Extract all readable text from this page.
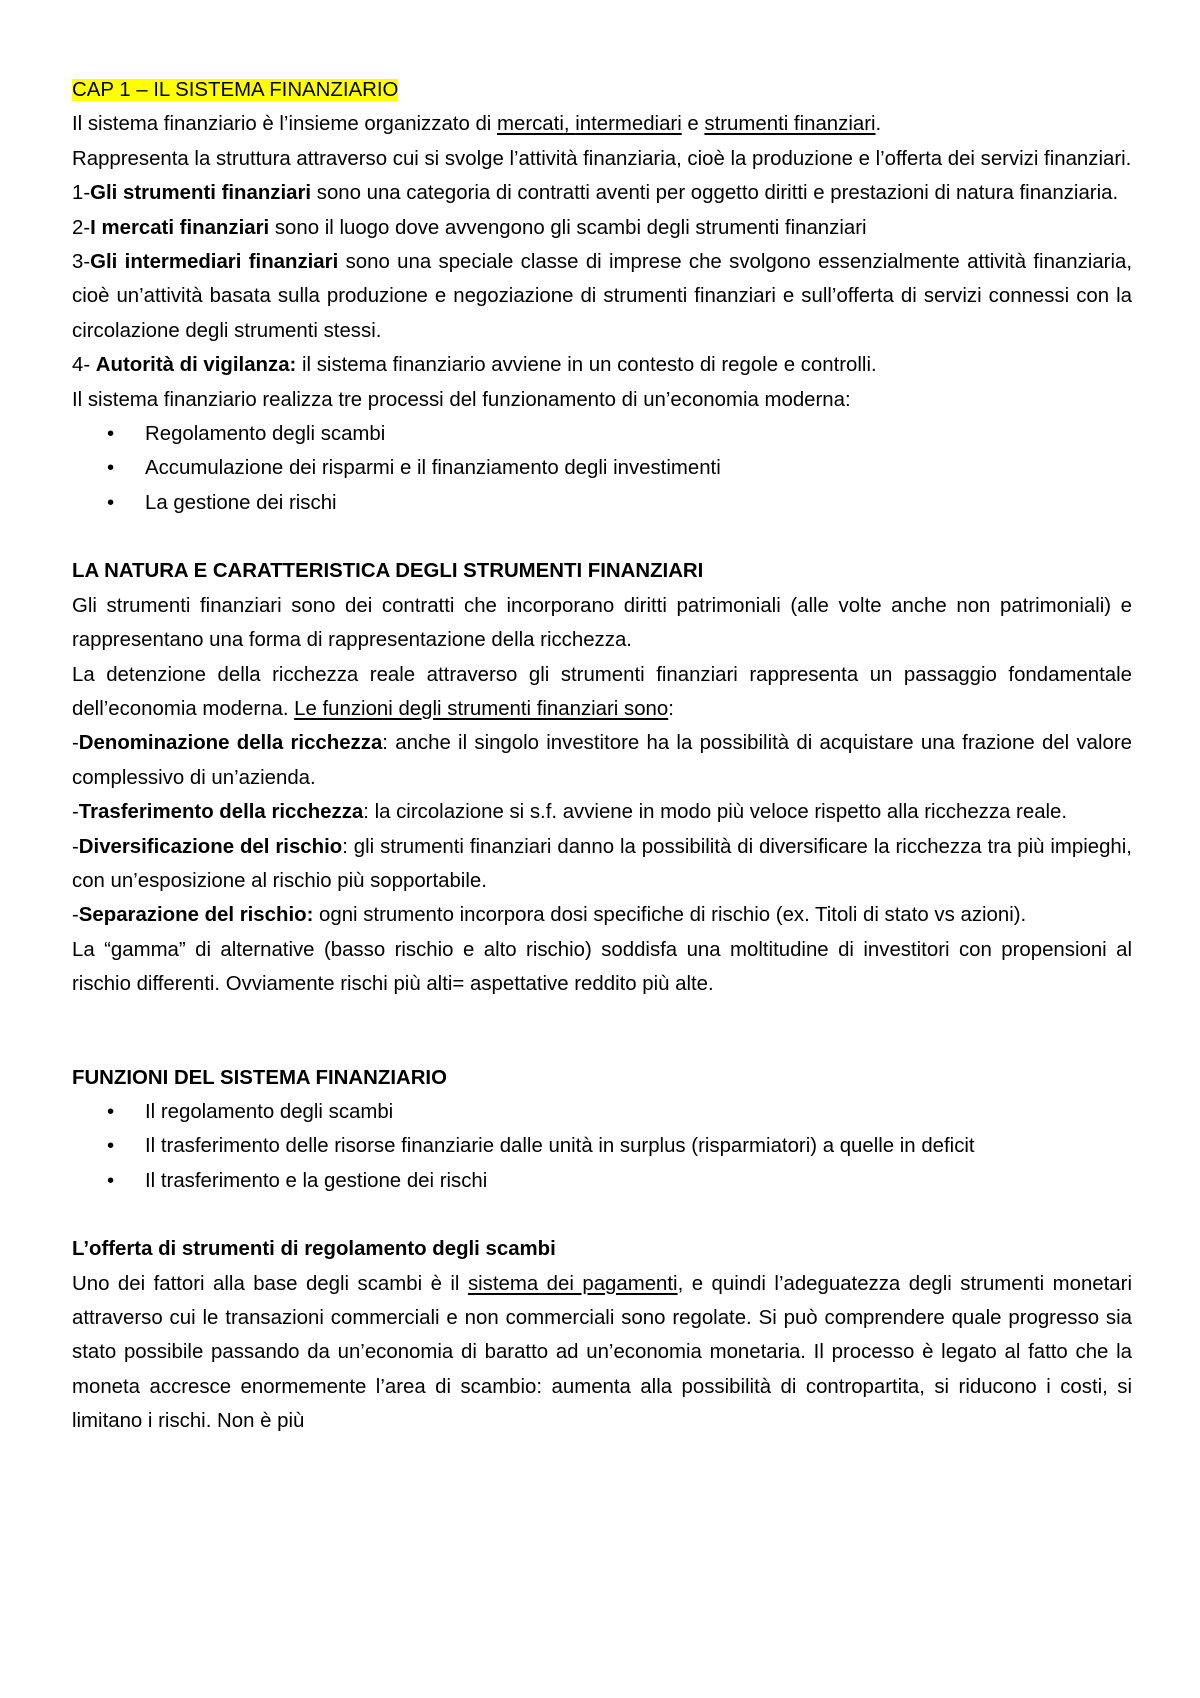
CAP 1 – IL SISTEMA FINANZIARIO

Il sistema finanziario è l’insieme organizzato di mercati, intermediari e strumenti finanziari.

Rappresenta la struttura attraverso cui si svolge l’attività finanziaria, cioè la produzione e l’offerta dei servizi finanziari.

1-Gli strumenti finanziari sono una categoria di contratti aventi per oggetto diritti e prestazioni di natura finanziaria.

2-I mercati finanziari sono il luogo dove avvengono gli scambi degli strumenti finanziari

3-Gli intermediari finanziari sono una speciale classe di imprese che svolgono essenzialmente attività finanziaria, cioè un’attività basata sulla produzione e negoziazione di strumenti finanziari e sull’offerta di servizi connessi con la circolazione degli strumenti stessi.

4- Autorità di vigilanza: il sistema finanziario avviene in un contesto di regole e controlli.

Il sistema finanziario realizza tre processi del funzionamento di un’economia moderna:

• Regolamento degli scambi
• Accumulazione dei risparmi e il finanziamento degli investimenti
• La gestione dei rischi

LA NATURA E CARATTERISTICA DEGLI STRUMENTI FINANZIARI

Gli strumenti finanziari sono dei contratti che incorporano diritti patrimoniali (alle volte anche non patrimoniali) e rappresentano una forma di rappresentazione della ricchezza.

La detenzione della ricchezza reale attraverso gli strumenti finanziari rappresenta un passaggio fondamentale dell’economia moderna. Le funzioni degli strumenti finanziari sono:

-Denominazione della ricchezza: anche il singolo investitore ha la possibilità di acquistare una frazione del valore complessivo di un’azienda.

-Trasferimento della ricchezza: la circolazione si s.f. avviene in modo più veloce rispetto alla ricchezza reale.

-Diversificazione del rischio: gli strumenti finanziari danno la possibilità di diversificare la ricchezza tra più impieghi, con un’esposizione al rischio più sopportabile.

-Separazione del rischio: ogni strumento incorpora dosi specifiche di rischio (ex. Titoli di stato vs azioni).

La “gamma” di alternative (basso rischio e alto rischio) soddisfa una moltitudine di investitori con propensioni al rischio differenti. Ovviamente rischi più alti= aspettative reddito più alte.

FUNZIONI DEL SISTEMA FINANZIARIO

• Il regolamento degli scambi
• Il trasferimento delle risorse finanziarie dalle unità in surplus (risparmiatori) a quelle in deficit
• Il trasferimento e la gestione dei rischi

L’offerta di strumenti di regolamento degli scambi

Uno dei fattori alla base degli scambi è il sistema dei pagamenti, e quindi l’adeguatezza degli strumenti monetari attraverso cui le transazioni commerciali e non commerciali sono regolate. Si può comprendere quale progresso sia stato possibile passando da un’economia di baratto ad un’economia monetaria. Il processo è legato al fatto che la moneta accresce enormemente l’area di scambio: aumenta alla possibilità di contropartita, si riducono i costi, si limitano i rischi. Non è più
